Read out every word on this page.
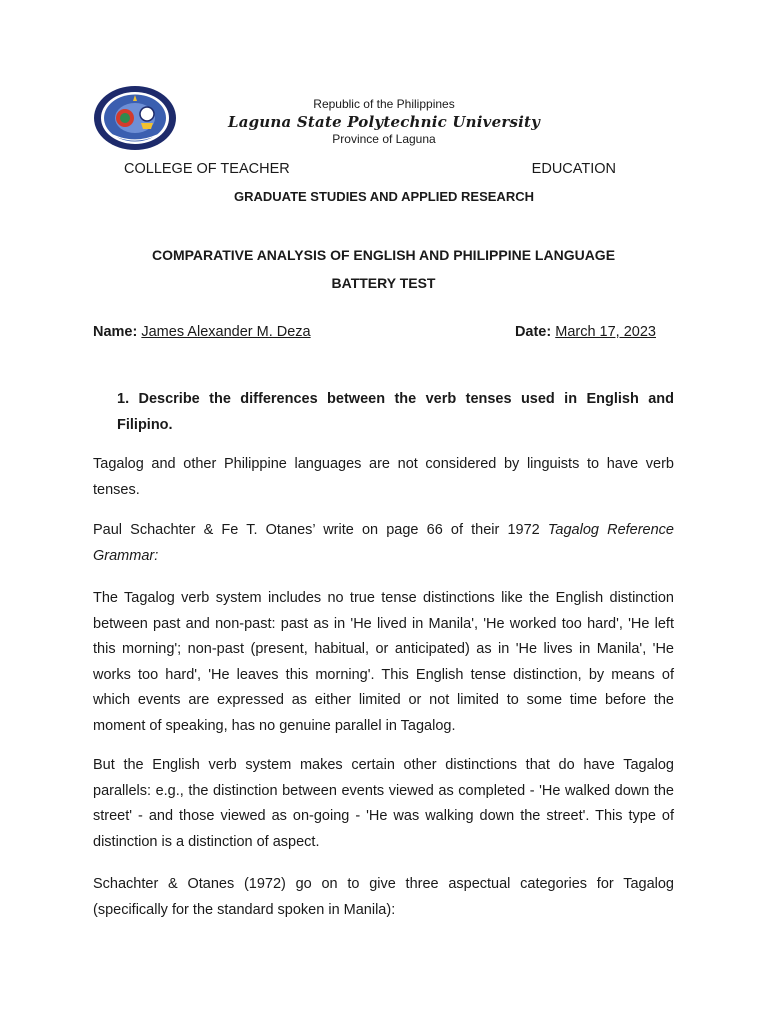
Republic of the Philippines
Laguna State Polytechnic University
Province of Laguna
COLLEGE OF TEACHER	EDUCATION
GRADUATE STUDIES AND APPLIED RESEARCH
COMPARATIVE ANALYSIS OF ENGLISH AND PHILIPPINE LANGUAGE
BATTERY TEST
Name: James Alexander M. Deza	Date: March 17, 2023
1. Describe the differences between the verb tenses used in English and Filipino.
Tagalog and other Philippine languages are not considered by linguists to have verb tenses.
Paul Schachter & Fe T. Otanes’ write on page 66 of their 1972 Tagalog Reference Grammar:
The Tagalog verb system includes no true tense distinctions like the English distinction between past and non-past: past as in 'He lived in Manila', 'He worked too hard', 'He left this morning'; non-past (present, habitual, or anticipated) as in 'He lives in Manila', 'He works too hard', 'He leaves this morning'. This English tense distinction, by means of which events are expressed as either limited or not limited to some time before the moment of speaking, has no genuine parallel in Tagalog.
But the English verb system makes certain other distinctions that do have Tagalog parallels: e.g., the distinction between events viewed as completed - 'He walked down the street' - and those viewed as on-going - 'He was walking down the street'. This type of distinction is a distinction of aspect.
Schachter & Otanes (1972) go on to give three aspectual categories for Tagalog (specifically for the standard spoken in Manila):
